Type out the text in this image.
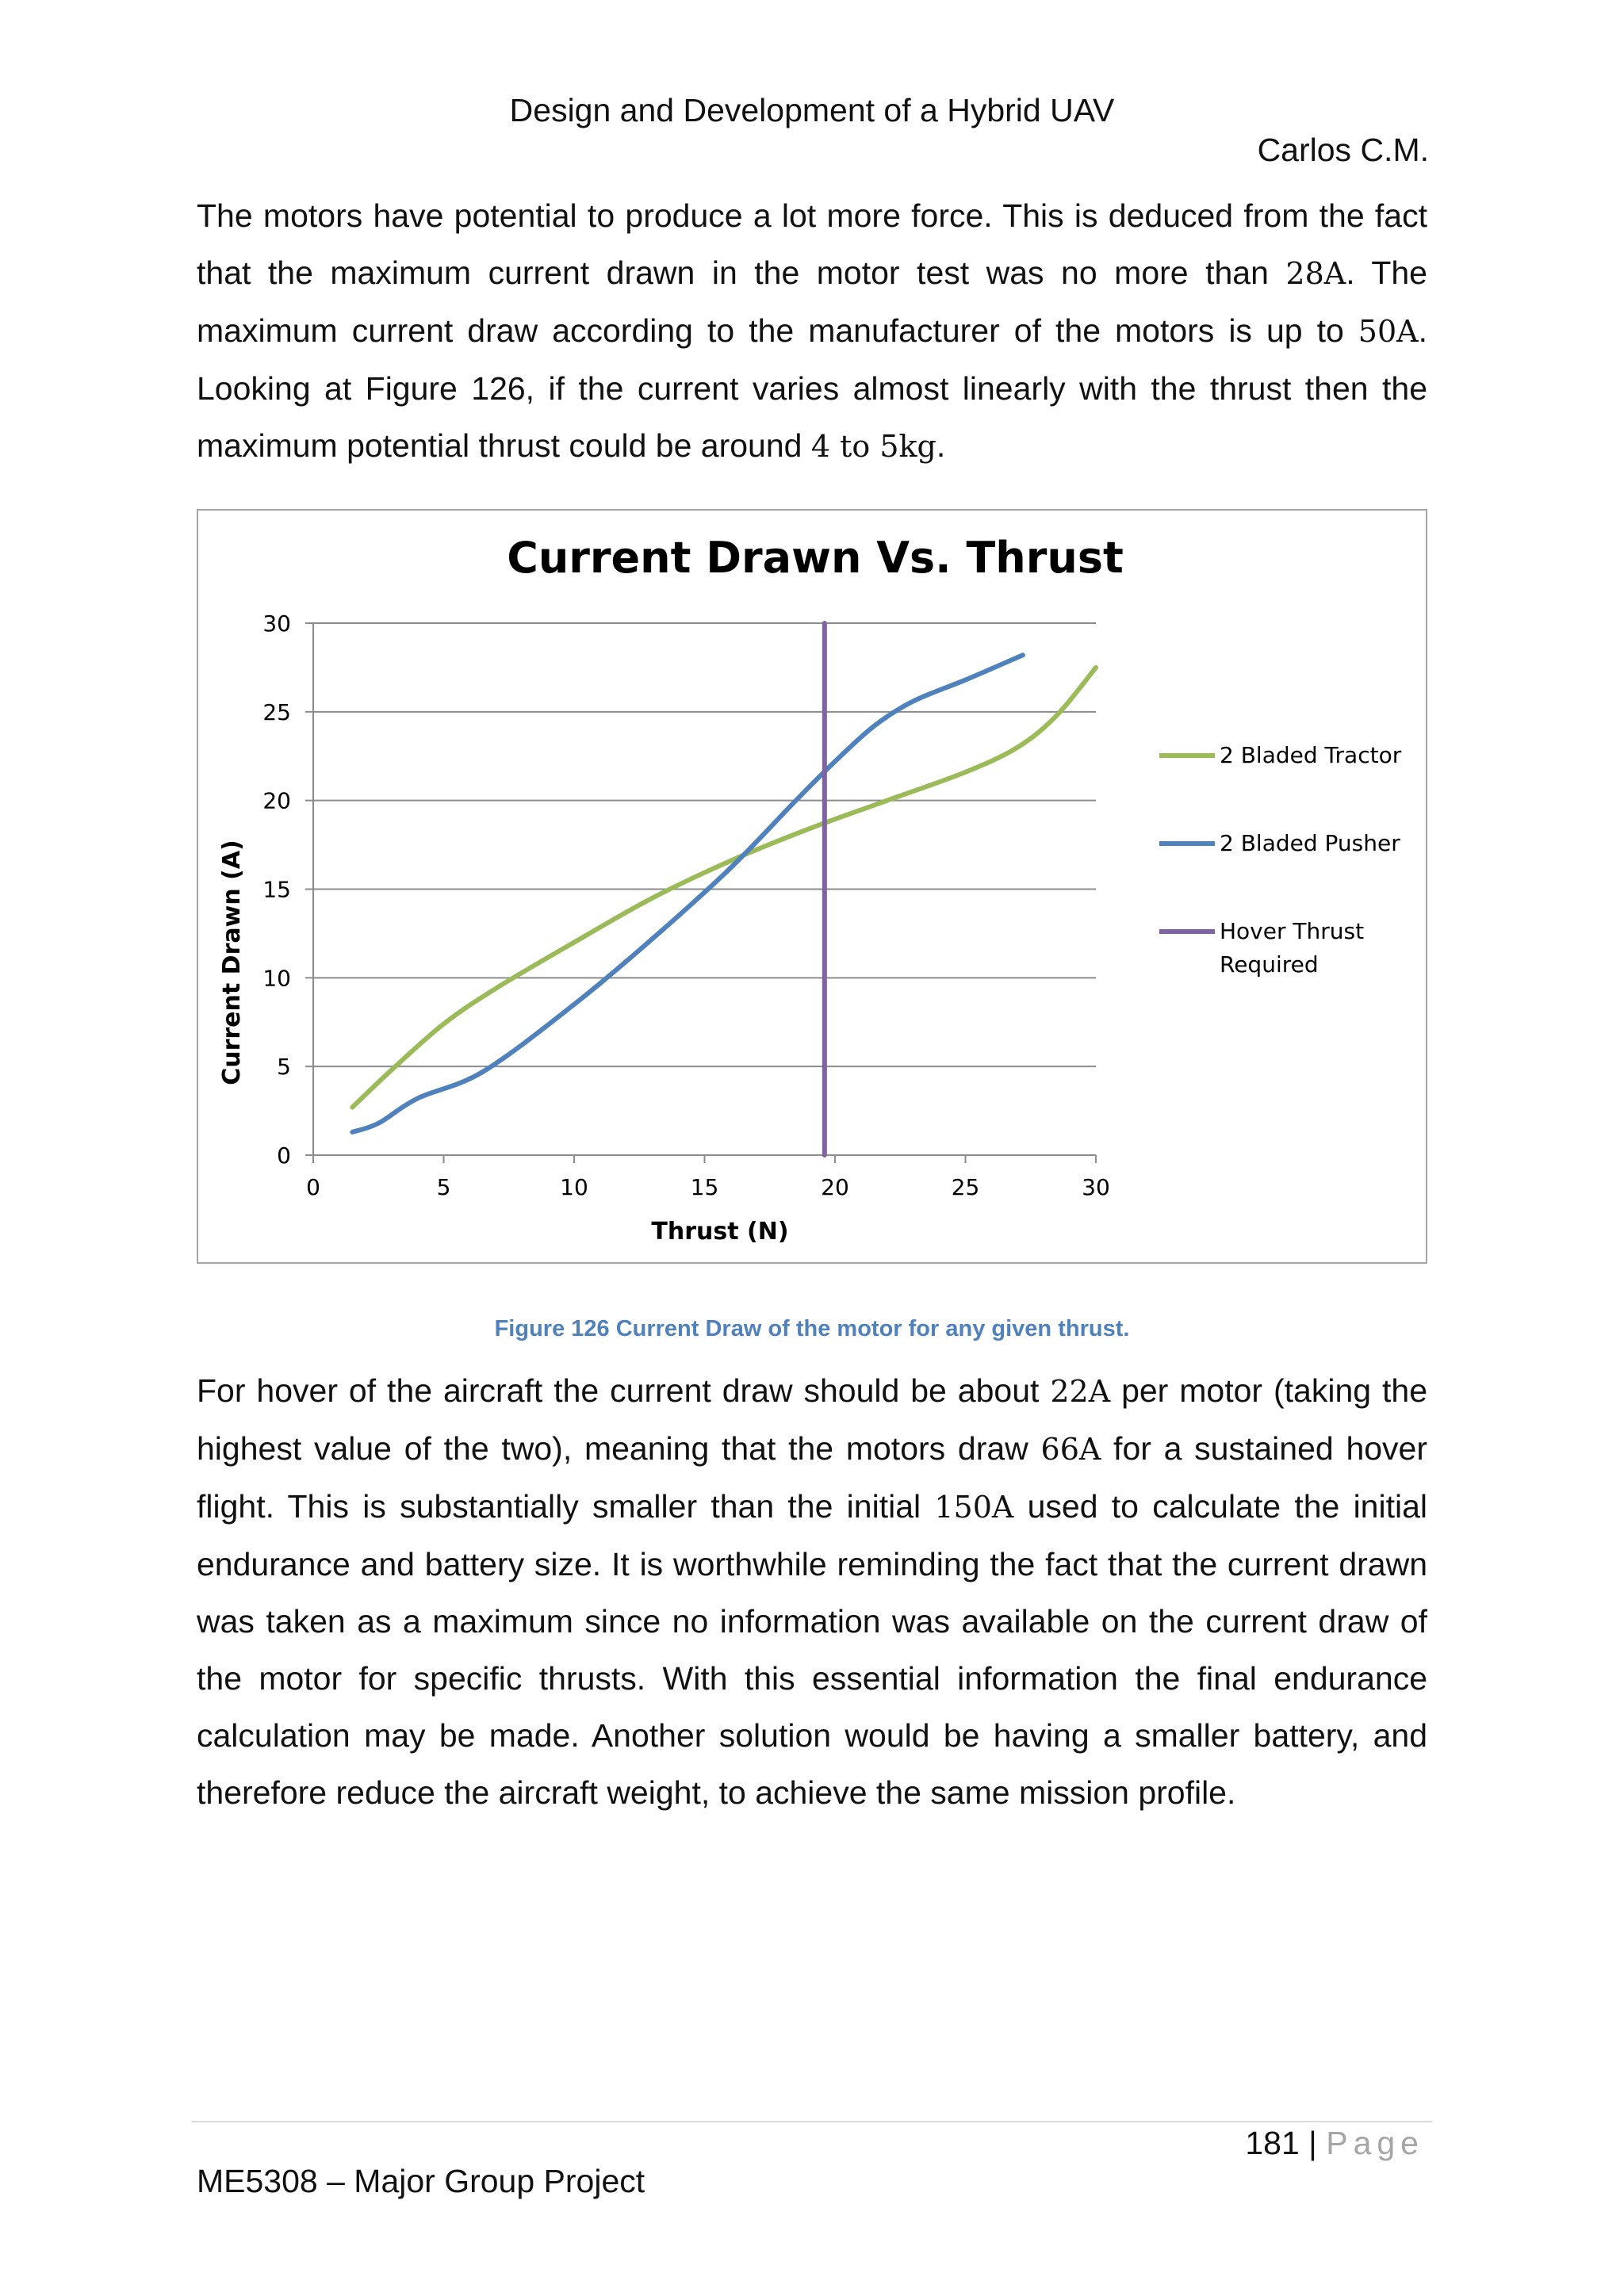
Design and Development of a Hybrid UAV
Carlos C.M.
The motors have potential to produce a lot more force. This is deduced from the fact
that the maximum current drawn in the motor test was no more than 28A. The
maximum current draw according to the manufacturer of the motors is up to 50A.
Looking at Figure 126, if the current varies almost linearly with the thrust then the
maximum potential thrust could be around 4 to 5kg.
Current Drawn Vs. Thrust
0
5
10
15
20
25
30
0	5	10	15	20	25	30
2 Bladed Tractor
2 Bladed Pusher
Hover Thrust
Required
Thrust (N)
Current Drawn (A)
Figure 126 Current Draw of the motor for any given thrust.
For hover of the aircraft the current draw should be about 22A per motor (taking the
highest value of the two), meaning that the motors draw 66A for a sustained hover
flight. This is substantially smaller than the initial 150A used to calculate the initial
endurance and battery size. It is worthwhile reminding the fact that the current drawn
was taken as a maximum since no information was available on the current draw of
the motor for specific thrusts. With this essential information the final endurance
calculation may be made. Another solution would be having a smaller battery, and
therefore reduce the aircraft weight, to achieve the same mission profile.
181 | Page
ME5308 – Major Group Project
